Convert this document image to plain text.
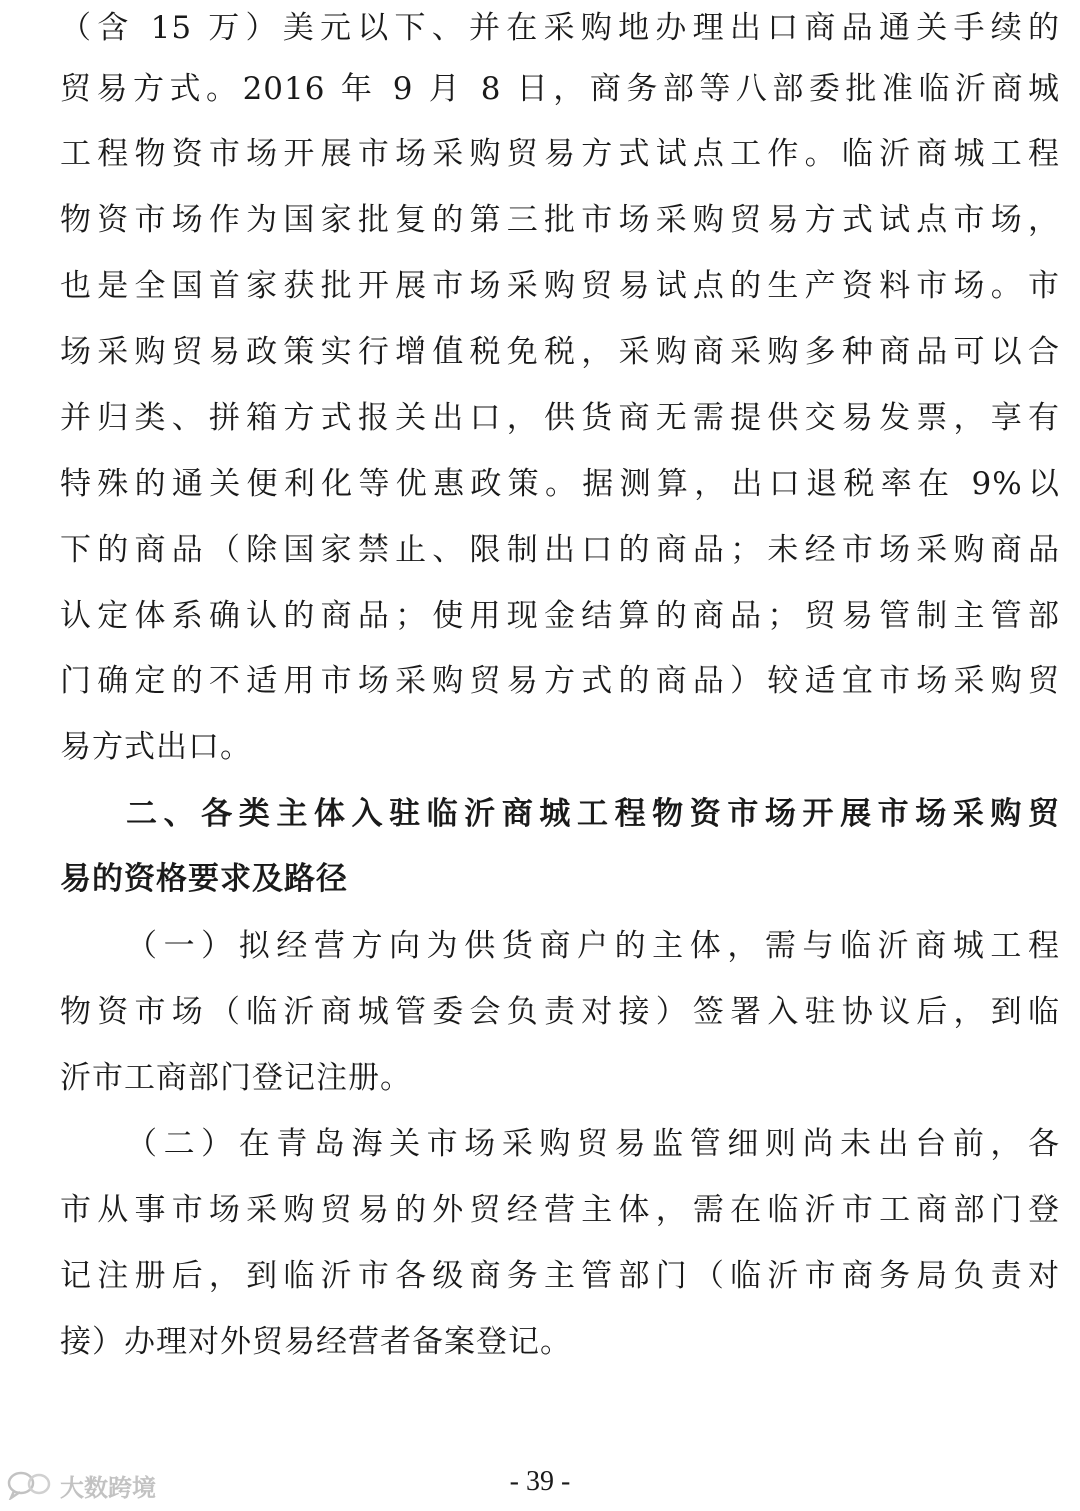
（含 15 万）美元以下、并在采购地办理出口商品通关手续的
贸易方式。2016 年 9 月 8 日，商务部等八部委批准临沂商城
工程物资市场开展市场采购贸易方式试点工作。临沂商城工程
物资市场作为国家批复的第三批市场采购贸易方式试点市场，
也是全国首家获批开展市场采购贸易试点的生产资料市场。市
场采购贸易政策实行增值税免税，采购商采购多种商品可以合
并归类、拼箱方式报关出口，供货商无需提供交易发票，享有
特殊的通关便利化等优惠政策。据测算，出口退税率在 9%以
下的商品（除国家禁止、限制出口的商品；未经市场采购商品
认定体系确认的商品；使用现金结算的商品；贸易管制主管部
门确定的不适用市场采购贸易方式的商品）较适宜市场采购贸
易方式出口。
二、各类主体入驻临沂商城工程物资市场开展市场采购贸
易的资格要求及路径
（一）拟经营方向为供货商户的主体，需与临沂商城工程
物资市场（临沂商城管委会负责对接）签署入驻协议后，到临
沂市工商部门登记注册。
（二）在青岛海关市场采购贸易监管细则尚未出台前，各
市从事市场采购贸易的外贸经营主体，需在临沂市工商部门登
记注册后，到临沂市各级商务主管部门（临沂市商务局负责对
接）办理对外贸易经营者备案登记。
大数跨境	- 39 -
